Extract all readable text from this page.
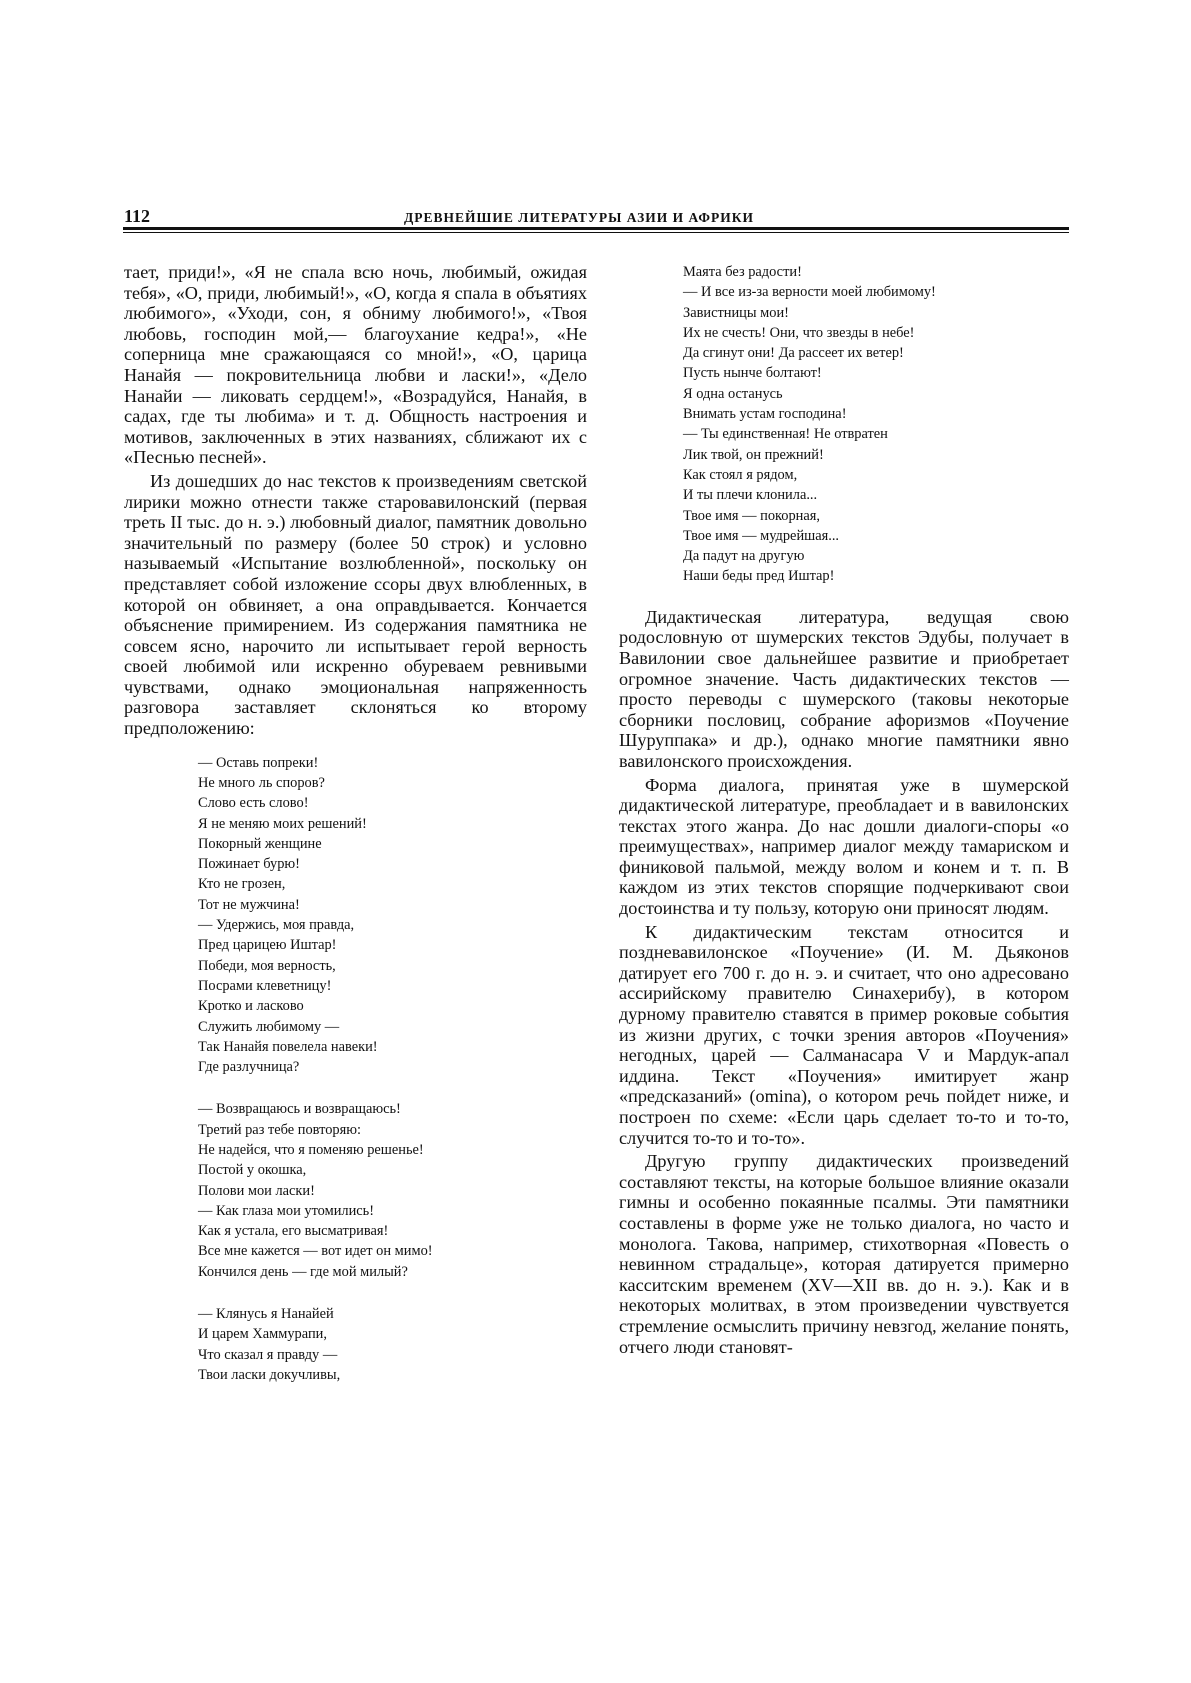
112	ДРЕВНЕЙШИЕ ЛИТЕРАТУРЫ АЗИИ И АФРИКИ

тает, приди!», «Я не спала всю ночь, любимый, ожидая тебя», «О, приди, любимый!», «О, когда я спала в объятиях любимого», «Уходи, сон, я обниму любимого!», «Твоя любовь, господин мой,— благоухание кедра!», «Не соперница мне сражающаяся со мной!», «О, царица Нанайя — покровительница любви и ласки!», «Дело Нанайи — ликовать сердцем!», «Возрадуйся, Нанайя, в садах, где ты любима» и т. д. Общность настроения и мотивов, заключенных в этих названиях, сближают их с «Песнью песней».

Из дошедших до нас текстов к произведениям светской лирики можно отнести также старовавилонский (первая треть II тыс. до н. э.) любовный диалог, памятник довольно значительный по размеру (более 50 строк) и условно называемый «Испытание возлюбленной», поскольку он представляет собой изложение ссоры двух влюбленных, в которой он обвиняет, а она оправдывается. Кончается объяснение примирением. Из содержания памятника не совсем ясно, нарочито ли испытывает герой верность своей любимой или искренно обуреваем ревнивыми чувствами, однако эмоциональная напряженность разговора заставляет склоняться ко второму предположению:

— Оставь попреки!
Не много ль споров?
Слово есть слово!
Я не меняю моих решений!
Покорный женщине
Пожинает бурю!
Кто не грозен,
Тот не мужчина!
— Удержись, моя правда,
Пред царицею Иштар!
Победи, моя верность,
Посрами клеветницу!
Кротко и ласково
Служить любимому —
Так Нанайя повелела навеки!
Где разлучница?
— Возвращаюсь и возвращаюсь!
Третий раз тебе повторяю:
Не надейся, что я поменяю решенье!
Постой у окошка,
Полови мои ласки!
— Как глаза мои утомились!
Как я устала, его высматривая!
Все мне кажется — вот идет он мимо!
Кончился день — где мой милый?
— Клянусь я Нанайей
И царем Хаммурапи,
Что сказал я правду —
Твои ласки докучливы,
Маята без радости!
— И все из-за верности моей любимому!
Завистницы мои!
Их не счесть! Они, что звезды в небе!
Да сгинут они! Да рассеет их ветер!
Пусть нынче болтают!
Я одна останусь
Внимать устам господина!
— Ты единственная! Не отвратен
Лик твой, он прежний!
Как стоял я рядом,
И ты плечи клонила...
Твое имя — покорная,
Твое имя — мудрейшая...
Да падут на другую
Наши беды пред Иштар!

Дидактическая литература, ведущая свою родословную от шумерских текстов Эдубы, получает в Вавилонии свое дальнейшее развитие и приобретает огромное значение. Часть дидактических текстов — просто переводы с шумерского (таковы некоторые сборники пословиц, собрание афоризмов «Поучение Шуруппака» и др.), однако многие памятники явно вавилонского происхождения.

Форма диалога, принятая уже в шумерской дидактической литературе, преобладает и в вавилонских текстах этого жанра. До нас дошли диалоги-споры «о преимуществах», например диалог между тамариском и финиковой пальмой, между волом и конем и т. п. В каждом из этих текстов спорящие подчеркивают свои достоинства и ту пользу, которую они приносят людям.

К дидактическим текстам относится и поздневавилонское «Поучение» (И. М. Дьяконов датирует его 700 г. до н. э. и считает, что оно адресовано ассирийскому правителю Синахерибу), в котором дурному правителю ставятся в пример роковые события из жизни других, с точки зрения авторов «Поучения» негодных, царей — Салманасара V и Мардук-апал иддина. Текст «Поучения» имитирует жанр «предсказаний» (omina), о котором речь пойдет ниже, и построен по схеме: «Если царь сделает то-то и то-то, случится то-то и то-то».

Другую группу дидактических произведений составляют тексты, на которые большое влияние оказали гимны и особенно покаянные псалмы. Эти памятники составлены в форме уже не только диалога, но часто и монолога. Такова, например, стихотворная «Повесть о невинном страдальце», которая датируется примерно касситским временем (XV—XII вв. до н. э.). Как и в некоторых молитвах, в этом произведении чувствуется стремление осмыслить причину невзгод, желание понять, отчего люди становят-
